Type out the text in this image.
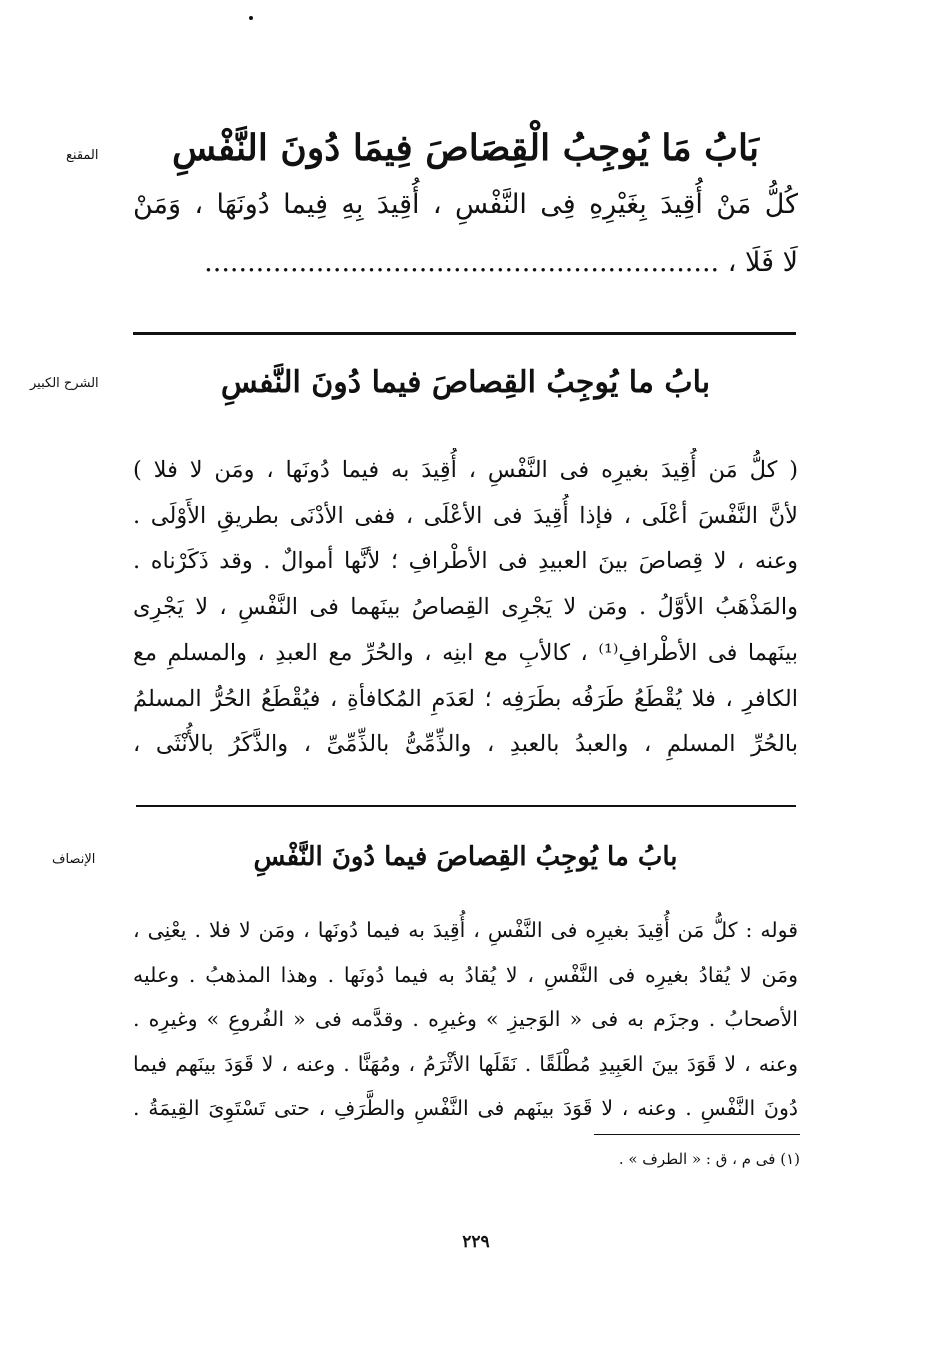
المقنع
الشرح الكبير
الإنصاف
بَابُ مَا يُوجِبُ الْقِصَاصَ فِيمَا دُونَ النَّفْسِ

كُلُّ مَنْ أُقِيدَ بِغَيْرِهِ فِى النَّفْسِ ، أُقِيدَ بِهِ فِيما دُونَهَا ، وَمَنْ

لَا فَلَا ، ............................................................

بابُ ما يُوجِبُ القِصاصَ فيما دُونَ النَّفسِ

( كلُّ مَن أُقِيدَ بغيرِه فى النَّفْسِ ، أُقِيدَ به فيما دُونَها ، ومَن لا فلا )

لأنَّ النَّفْسَ أعْلَى ، فإذا أُقِيدَ فى الأعْلَى ، ففى الأدْنَى بطريقِ الأَوْلَى .

وعنه ، لا قِصاصَ بينَ العبيدِ فى الأطْرافِ ؛ لأنَّها أموالٌ . وقد ذَكَرْناه .

والمَذْهَبُ الأوَّلُ . ومَن لا يَجْرِى القِصاصُ بينَهما فى النَّفْسِ ، لا يَجْرِى

بينَهما فى الأطْرافِ⁽¹⁾ ، كالأبِ مع ابنِه ، والحُرِّ مع العبدِ ، والمسلمِ مع

الكافرِ ، فلا يُقْطَعُ طَرَفُه بطَرَفِه ؛ لعَدَمِ المُكافأةِ ، فيُقْطَعُ الحُرُّ المسلمُ

بالحُرِّ المسلمِ ، والعبدُ بالعبدِ ، والذِّمِّىُّ بالذِّمِّىِّ ، والذَّكَرُ بالأُنْثَى ،

بابُ ما يُوجِبُ القِصاصَ فيما دُونَ النَّفْسِ

قوله : كلُّ مَن أُقِيدَ بغيرِه فى النَّفْسِ ، أُقِيدَ به فيما دُونَها ، ومَن لا فلا . يعْنِى ،

ومَن لا يُقادُ بغيرِه فى النَّفْسِ ، لا يُقادُ به فيما دُونَها . وهذا المذهبُ . وعليه

الأصحابُ . وجزَم به فى « الوَجيزِ » وغيرِه . وقدَّمه فى « الفُروعِ » وغيرِه .

وعنه ، لا قَوَدَ بينَ العَبِيدِ مُطْلَقًا . نَقَلَها الأثْرَمُ ، ومُهَنَّا . وعنه ، لا قَوَدَ بينَهم فيما

دُونَ النَّفْسِ . وعنه ، لا قَوَدَ بينَهم فى النَّفْسِ والطَّرَفِ ، حتى تَسْتَوِىَ القِيمَةُ .

(١) فى م ، ق : « الطرف » .
٢٢٩
